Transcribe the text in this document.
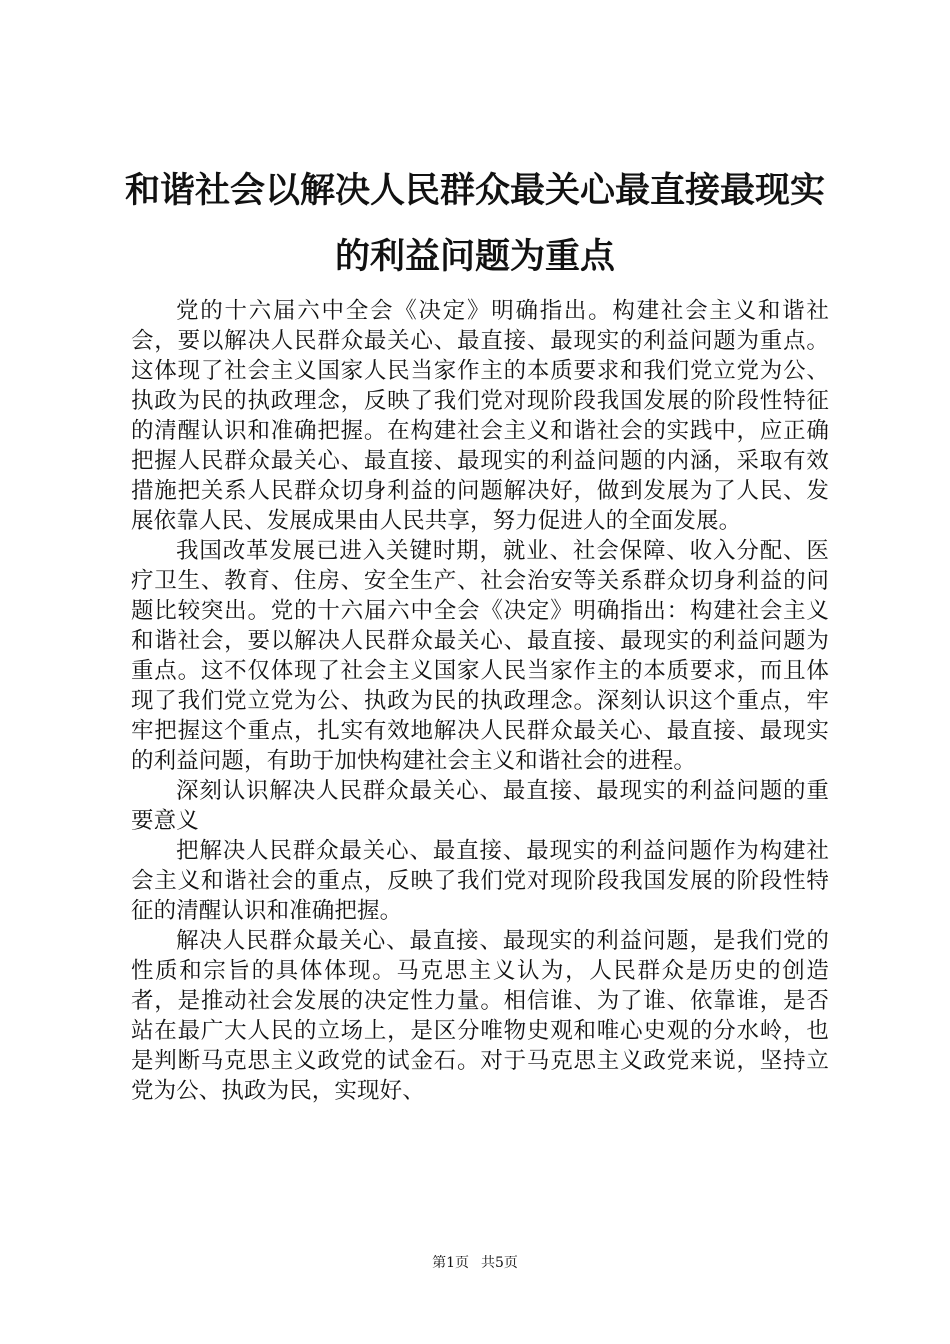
和谐社会以解决人民群众最关心最直接最现实
的利益问题为重点

党的十六届六中全会《决定》明确指出。构建社会主义和谐社会，要以解决人民群众最关心、最直接、最现实的利益问题为重点。这体现了社会主义国家人民当家作主的本质要求和我们党立党为公、执政为民的执政理念，反映了我们党对现阶段我国发展的阶段性特征的清醒认识和准确把握。在构建社会主义和谐社会的实践中，应正确把握人民群众最关心、最直接、最现实的利益问题的内涵，采取有效措施把关系人民群众切身利益的问题解决好，做到发展为了人民、发展依靠人民、发展成果由人民共享，努力促进人的全面发展。

我国改革发展已进入关键时期，就业、社会保障、收入分配、医疗卫生、教育、住房、安全生产、社会治安等关系群众切身利益的问题比较突出。党的十六届六中全会《决定》明确指出：构建社会主义和谐社会，要以解决人民群众最关心、最直接、最现实的利益问题为重点。这不仅体现了社会主义国家人民当家作主的本质要求，而且体现了我们党立党为公、执政为民的执政理念。深刻认识这个重点，牢牢把握这个重点，扎实有效地解决人民群众最关心、最直接、最现实的利益问题，有助于加快构建社会主义和谐社会的进程。

深刻认识解决人民群众最关心、最直接、最现实的利益问题的重要意义

把解决人民群众最关心、最直接、最现实的利益问题作为构建社会主义和谐社会的重点，反映了我们党对现阶段我国发展的阶段性特征的清醒认识和准确把握。

解决人民群众最关心、最直接、最现实的利益问题，是我们党的性质和宗旨的具体体现。马克思主义认为，人民群众是历史的创造者，是推动社会发展的决定性力量。相信谁、为了谁、依靠谁，是否站在最广大人民的立场上，是区分唯物史观和唯心史观的分水岭，也是判断马克思主义政党的试金石。对于马克思主义政党来说，坚持立党为公、执政为民，实现好、

第1页 共5页
